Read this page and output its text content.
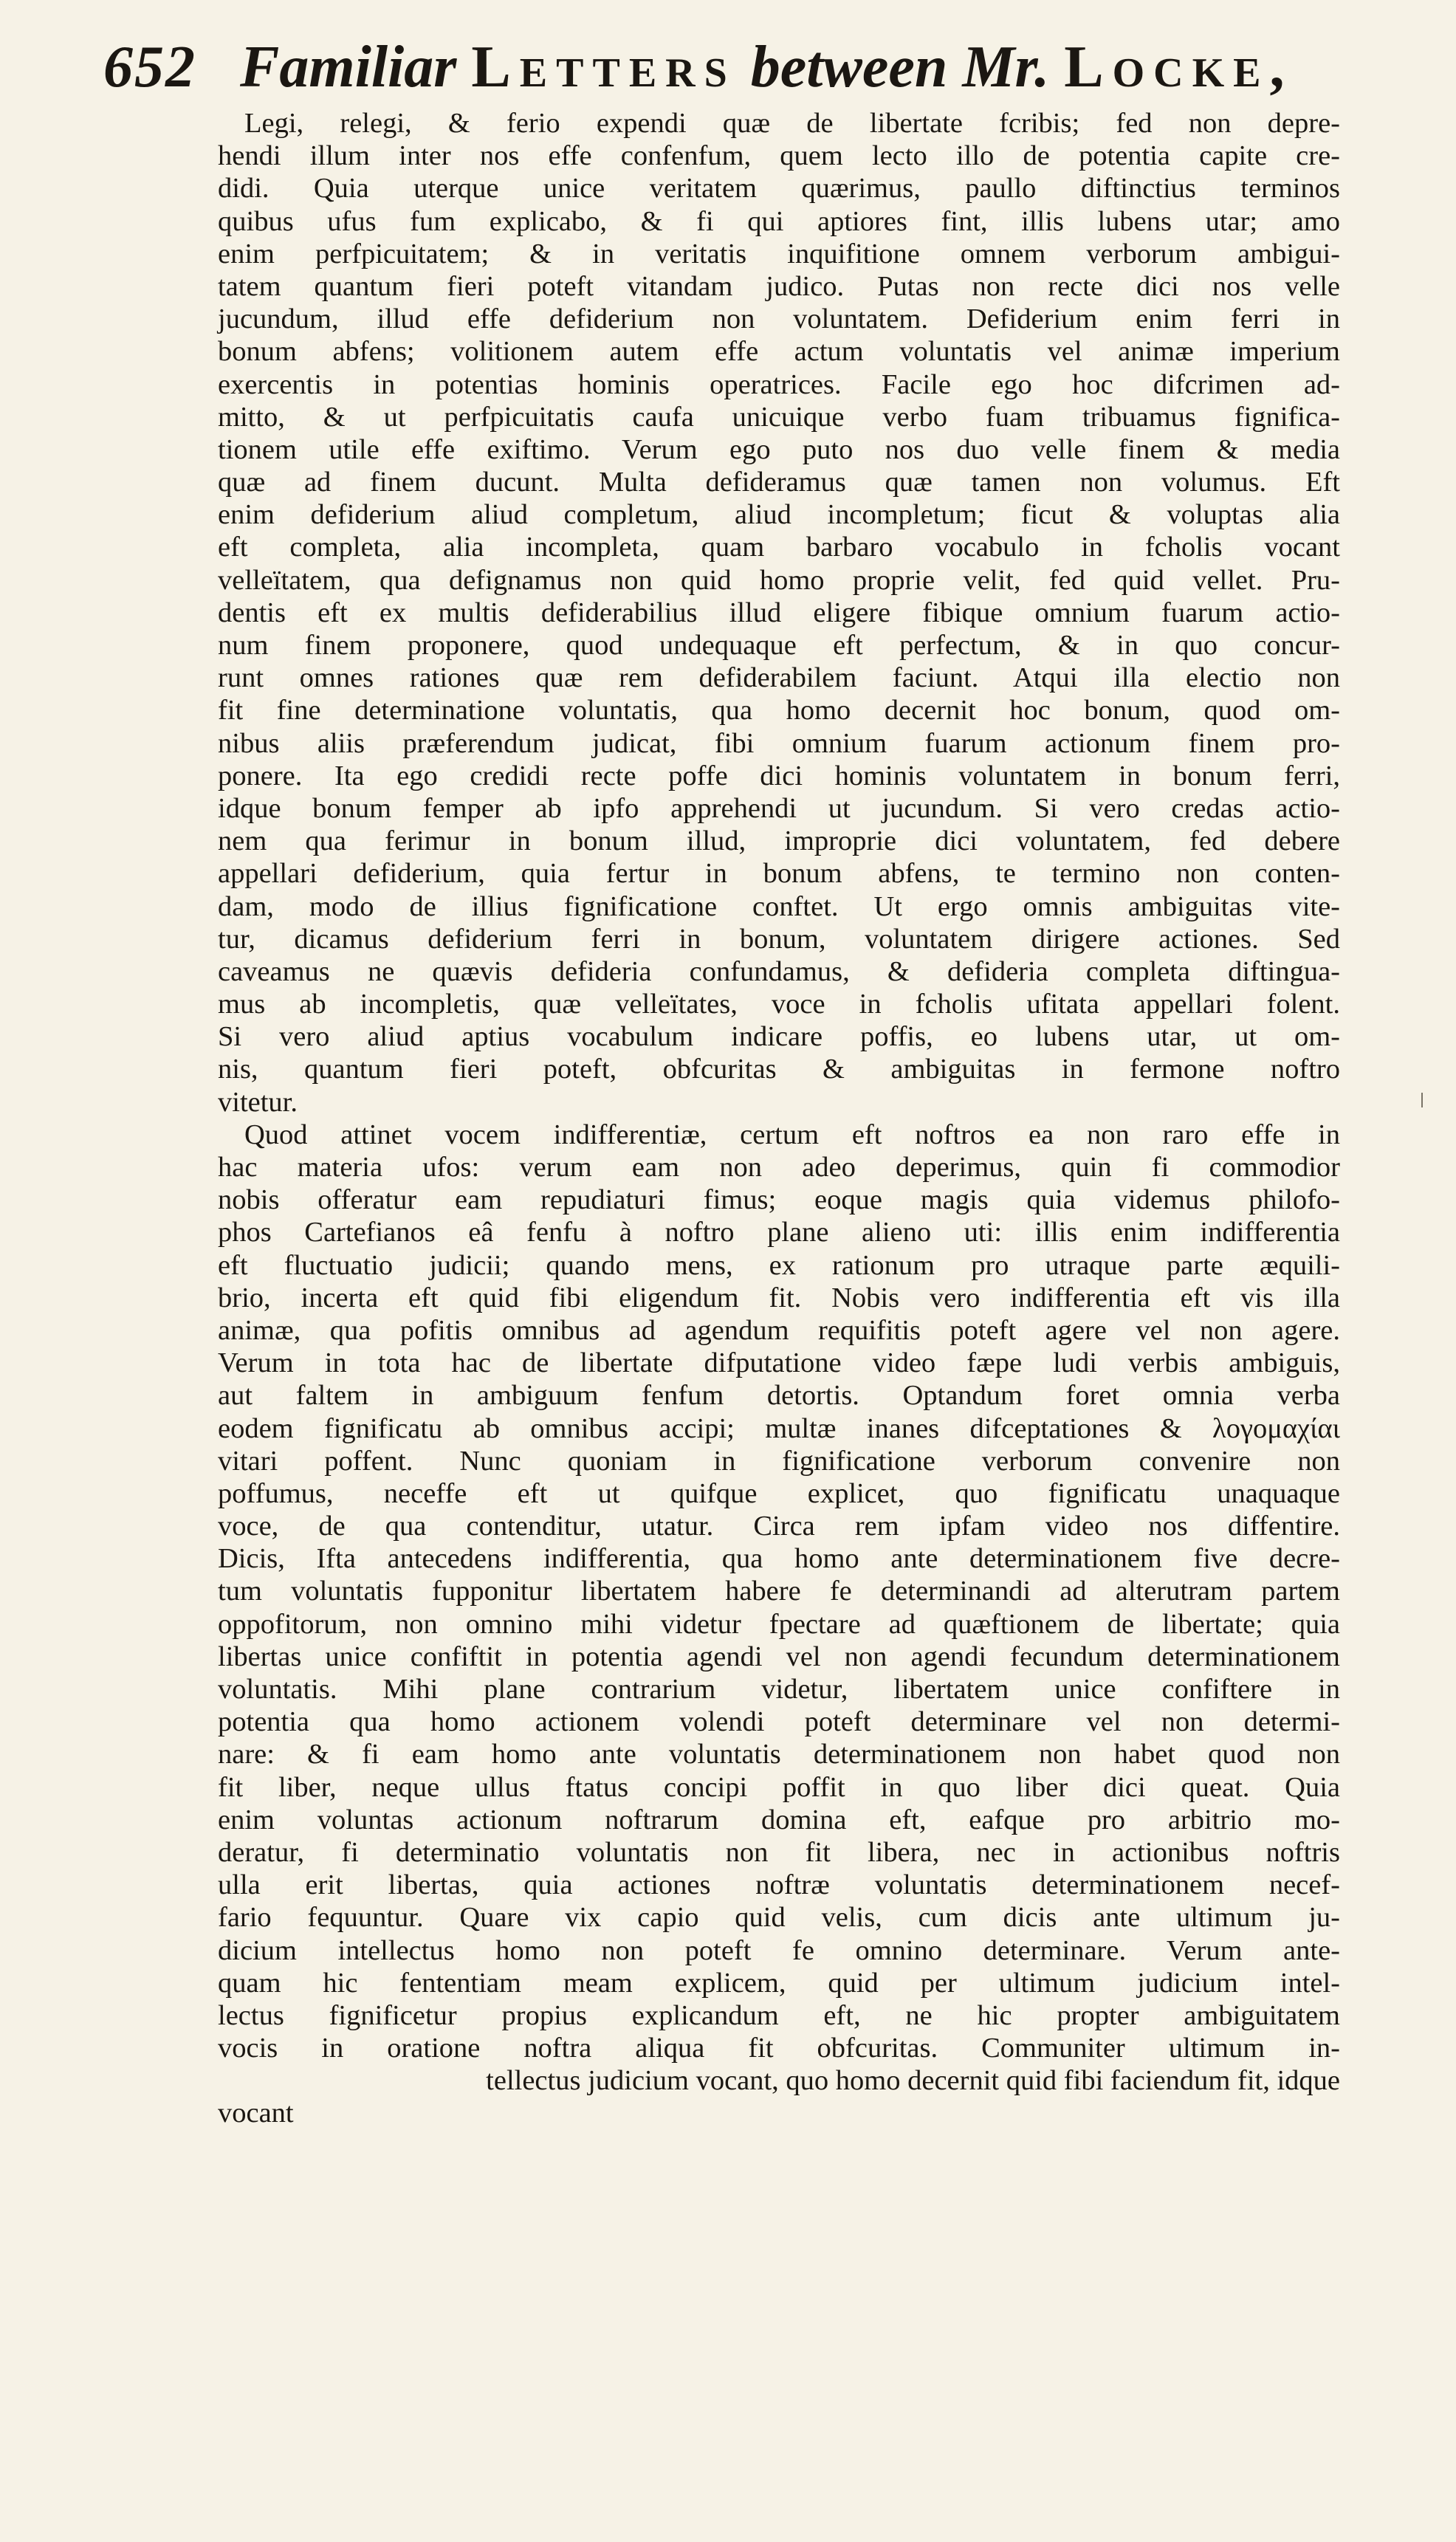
652 Familiar Letters between Mr. Locke,
Legi, relegi, & ferio expendi quæ de libertate fcribis; fed non depre-
hendi illum inter nos effe confenfum, quem lecto illo de potentia capite cre-
didi. Quia uterque unice veritatem quærimus, paullo diftinctius terminos
quibus ufus fum explicabo, & fi qui aptiores fint, illis lubens utar; amo
enim perfpicuitatem; & in veritatis inquifitione omnem verborum ambigui-
tatem quantum fieri poteft vitandam judico. Putas non recte dici nos velle
jucundum, illud effe defiderium non voluntatem. Defiderium enim ferri in
bonum abfens; volitionem autem effe actum voluntatis vel animæ imperium
exercentis in potentias hominis operatrices. Facile ego hoc difcrimen ad-
mitto, & ut perfpicuitatis caufa unicuique verbo fuam tribuamus fignifica-
tionem utile effe exiftimo. Verum ego puto nos duo velle finem & media
quæ ad finem ducunt. Multa defideramus quæ tamen non volumus. Eft
enim defiderium aliud completum, aliud incompletum; ficut & voluptas alia
eft completa, alia incompleta, quam barbaro vocabulo in fcholis vocant
velleïtatem, qua defignamus non quid homo proprie velit, fed quid vellet. Pru-
dentis eft ex multis defiderabilius illud eligere fibique omnium fuarum actio-
num finem proponere, quod undequaque eft perfectum, & in quo concur-
runt omnes rationes quæ rem defiderabilem faciunt. Atqui illa electio non
fit fine determinatione voluntatis, qua homo decernit hoc bonum, quod om-
nibus aliis præferendum judicat, fibi omnium fuarum actionum finem pro-
ponere. Ita ego credidi recte poffe dici hominis voluntatem in bonum ferri,
idque bonum femper ab ipfo apprehendi ut jucundum. Si vero credas actio-
nem qua ferimur in bonum illud, improprie dici voluntatem, fed debere
appellari defiderium, quia fertur in bonum abfens, te termino non conten-
dam, modo de illius fignificatione conftet. Ut ergo omnis ambiguitas vite-
tur, dicamus defiderium ferri in bonum, voluntatem dirigere actiones. Sed
caveamus ne quævis defideria confundamus, & defideria completa diftingua-
mus ab incompletis, quæ velleïtates, voce in fcholis ufitata appellari folent.
Si vero aliud aptius vocabulum indicare poffis, eo lubens utar, ut om-
nis, quantum fieri poteft, obfcuritas & ambiguitas in fermone noftro
vitetur.
Quod attinet vocem indifferentiæ, certum eft noftros ea non raro effe in
hac materia ufos: verum eam non adeo deperimus, quin fi commodior
nobis offeratur eam repudiaturi fimus; eoque magis quia videmus philofo-
phos Cartefianos eâ fenfu à noftro plane alieno uti: illis enim indifferentia
eft fluctuatio judicii; quando mens, ex rationum pro utraque parte æquili-
brio, incerta eft quid fibi eligendum fit. Nobis vero indifferentia eft vis illa
animæ, qua pofitis omnibus ad agendum requifitis poteft agere vel non agere.
Verum in tota hac de libertate difputatione video fæpe ludi verbis ambiguis,
aut faltem in ambiguum fenfum detortis. Optandum foret omnia verba
eodem fignificatu ab omnibus accipi; multæ inanes difceptationes & λογομαχίαι
vitari poffent. Nunc quoniam in fignificatione verborum convenire non
poffumus, neceffe eft ut quifque explicet, quo fignificatu unaquaque
voce, de qua contenditur, utatur. Circa rem ipfam video nos diffentire.
Dicis, Ifta antecedens indifferentia, qua homo ante determinationem five decre-
tum voluntatis fupponitur libertatem habere fe determinandi ad alterutram partem
oppofitorum, non omnino mihi videtur fpectare ad quæftionem de libertate; quia
libertas unice confiftit in potentia agendi vel non agendi fecundum determinationem
voluntatis. Mihi plane contrarium videtur, libertatem unice confiftere in
potentia qua homo actionem volendi poteft determinare vel non determi-
nare: & fi eam homo ante voluntatis determinationem non habet quod non
fit liber, neque ullus ftatus concipi poffit in quo liber dici queat. Quia
enim voluntas actionum noftrarum domina eft, eafque pro arbitrio mo-
deratur, fi determinatio voluntatis non fit libera, nec in actionibus noftris
ulla erit libertas, quia actiones noftræ voluntatis determinationem necef-
fario fequuntur. Quare vix capio quid velis, cum dicis ante ultimum ju-
dicium intellectus homo non poteft fe omnino determinare. Verum ante-
quam hic fententiam meam explicem, quid per ultimum judicium intel-
lectus fignificetur propius explicandum eft, ne hic propter ambiguitatem
vocis in oratione noftra aliqua fit obfcuritas. Communiter ultimum in-
tellectus judicium vocant, quo homo decernit quid fibi faciendum fit, idque
vocant
